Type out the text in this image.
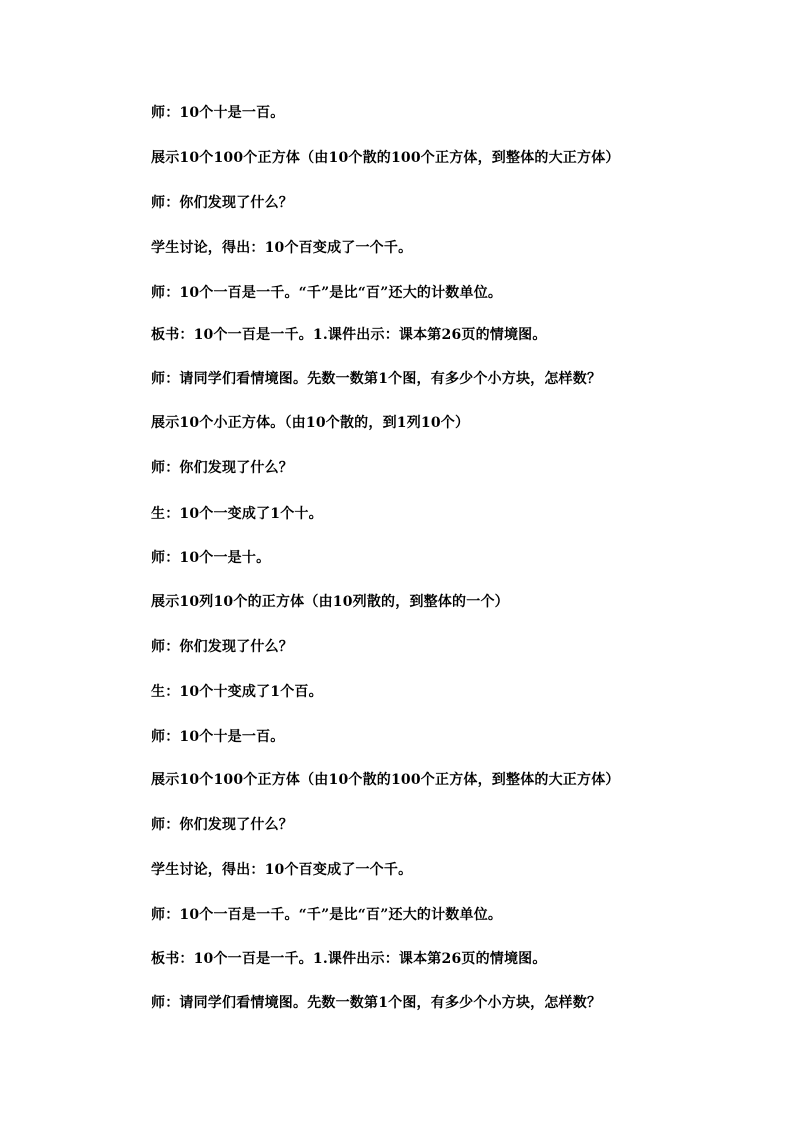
师：10个十是一百。

展示10个100个正方体（由10个散的100个正方体，到整体的大正方体）

师：你们发现了什么？

学生讨论，得出：10个百变成了一个千。

师：10个一百是一千。“千”是比“百”还大的计数单位。

板书：10个一百是一千。1.课件出示：课本第26页的情境图。

师：请同学们看情境图。先数一数第1个图，有多少个小方块，怎样数？

展示10个小正方体。（由10个散的，到1列10个）

师：你们发现了什么？

生：10个一变成了1个十。

师：10个一是十。

展示10列10个的正方体（由10列散的，到整体的一个）

师：你们发现了什么？

生：10个十变成了1个百。

师：10个十是一百。

展示10个100个正方体（由10个散的100个正方体，到整体的大正方体）

师：你们发现了什么？

学生讨论，得出：10个百变成了一个千。

师：10个一百是一千。“千”是比“百”还大的计数单位。

板书：10个一百是一千。1.课件出示：课本第26页的情境图。

师：请同学们看情境图。先数一数第1个图，有多少个小方块，怎样数？
